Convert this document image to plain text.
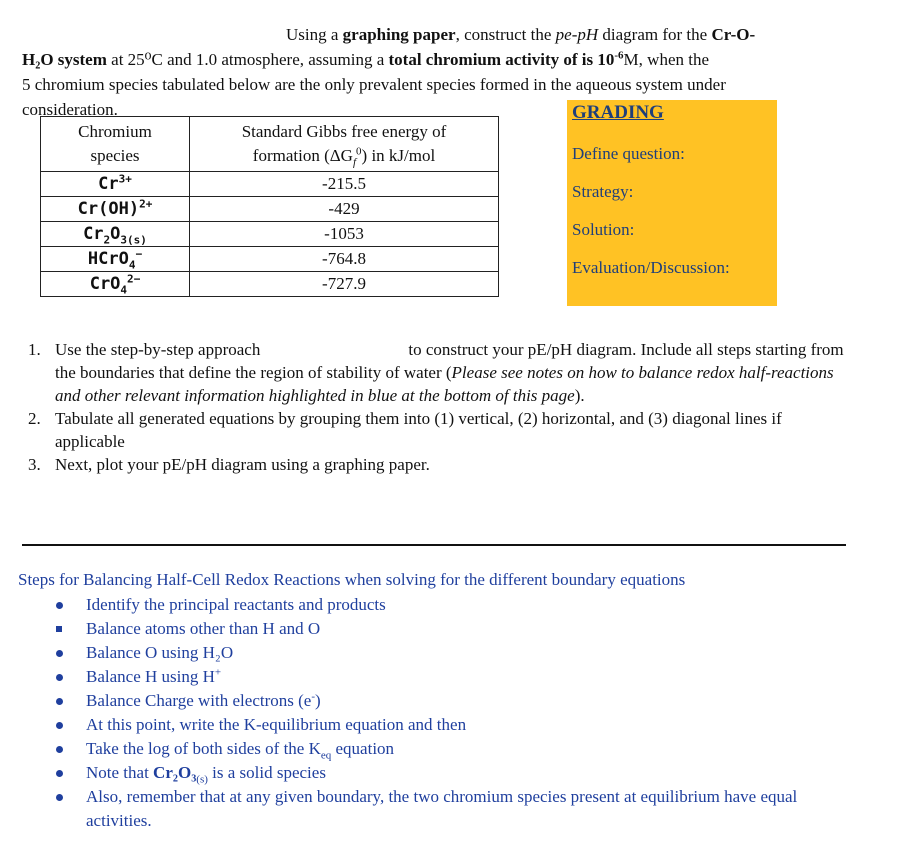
Using a graphing paper, construct the pe-pH diagram for the Cr-O-

H₂O system at 25⁰C and 1.0 atmosphere, assuming a total chromium activity of is $10^{-6}M$, when the

5 chromium species tabulated below are the only prevalent species formed in the aqueous system under

consideration.

Chromium
species	Standard Gibbs free energy of
formation $(\Delta G_f^0)$ in kJ/mol
$Cr^{3+}$	-215.5
Cr(OH)$^{2+}$	-429
$Cr_2O_{3(s)}$	-1053
HCrO$_4$−	-764.8
CrO$_4^{2-}$	-727.9
GRADING
Define question:
Strategy:
Solution:
Evaluation/Discussion:
1. Use the step-by-step approach	to construct your pE/pH diagram. Include all steps starting from the boundaries that define the region of stability of water (Please see notes on how to balance redox half-reactions and other relevant information highlighted in blue at the bottom of this page).
2. Tabulate all generated equations by grouping them into (1) vertical, (2) horizontal, and (3) diagonal lines if applicable
3. Next, plot your pE/pH diagram using a graphing paper.
Steps for Balancing Half-Cell Redox Reactions when solving for the different boundary equations
Identify the principal reactants and products
Balance atoms other than H and O
Balance O using H₂O
Balance H using H+
Balance Charge with electrons (e-)
At this point, write the K-equilibrium equation and then
Take the log of both sides of the $K_{eq}$ equation
Note that $Cr_2O_3_{(s)}$ is a solid species
Also, remember that at any given boundary, the two chromium species present at equilibrium have equal activities.
